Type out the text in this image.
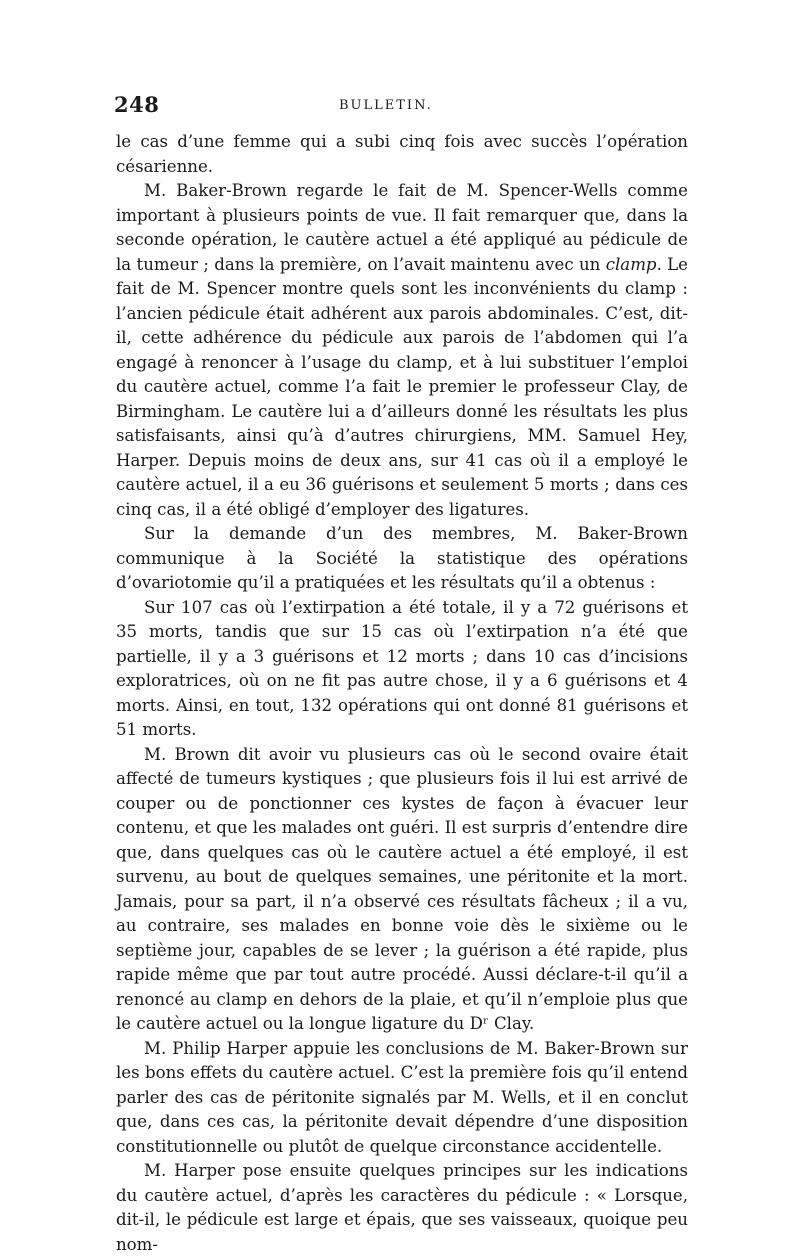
248	BULLETIN.

le cas d’une femme qui a subi cinq fois avec succès l’opération césarienne.

M. Baker-Brown regarde le fait de M. Spencer-Wells comme important à plusieurs points de vue. Il fait remarquer que, dans la seconde opération, le cautère actuel a été appliqué au pédicule de la tumeur ; dans la première, on l’avait maintenu avec un clamp. Le fait de M. Spencer montre quels sont les inconvénients du clamp : l’ancien pédicule était adhérent aux parois abdominales. C’est, dit-il, cette adhérence du pédicule aux parois de l’abdomen qui l’a engagé à renoncer à l’usage du clamp, et à lui substituer l’emploi du cautère actuel, comme l’a fait le premier le professeur Clay, de Birmingham. Le cautère lui a d’ailleurs donné les résultats les plus satisfaisants, ainsi qu’à d’autres chirurgiens, MM. Samuel Hey, Harper. Depuis moins de deux ans, sur 41 cas où il a employé le cautère actuel, il a eu 36 guérisons et seulement 5 morts ; dans ces cinq cas, il a été obligé d’employer des ligatures.

Sur la demande d’un des membres, M. Baker-Brown communique à la Société la statistique des opérations d’ovariotomie qu’il a pratiquées et les résultats qu’il a obtenus :

Sur 107 cas où l’extirpation a été totale, il y a 72 guérisons et 35 morts, tandis que sur 15 cas où l’extirpation n’a été que partielle, il y a 3 guérisons et 12 morts ; dans 10 cas d’incisions exploratrices, où on ne fit pas autre chose, il y a 6 guérisons et 4 morts. Ainsi, en tout, 132 opérations qui ont donné 81 guérisons et 51 morts.

M. Brown dit avoir vu plusieurs cas où le second ovaire était affecté de tumeurs kystiques ; que plusieurs fois il lui est arrivé de couper ou de ponctionner ces kystes de façon à évacuer leur contenu, et que les malades ont guéri. Il est surpris d’entendre dire que, dans quelques cas où le cautère actuel a été employé, il est survenu, au bout de quelques semaines, une péritonite et la mort. Jamais, pour sa part, il n’a observé ces résultats fâcheux ; il a vu, au contraire, ses malades en bonne voie dès le sixième ou le septième jour, capables de se lever ; la guérison a été rapide, plus rapide même que par tout autre procédé. Aussi déclare-t-il qu’il a renoncé au clamp en dehors de la plaie, et qu’il n’emploie plus que le cautère actuel ou la longue ligature du Dʳ Clay.

M. Philip Harper appuie les conclusions de M. Baker-Brown sur les bons effets du cautère actuel. C’est la première fois qu’il entend parler des cas de péritonite signalés par M. Wells, et il en conclut que, dans ces cas, la péritonite devait dépendre d’une disposition constitutionnelle ou plutôt de quelque circonstance accidentelle.

M. Harper pose ensuite quelques principes sur les indications du cautère actuel, d’après les caractères du pédicule : « Lorsque, dit-il, le pédicule est large et épais, que ses vaisseaux, quoique peu nom-
